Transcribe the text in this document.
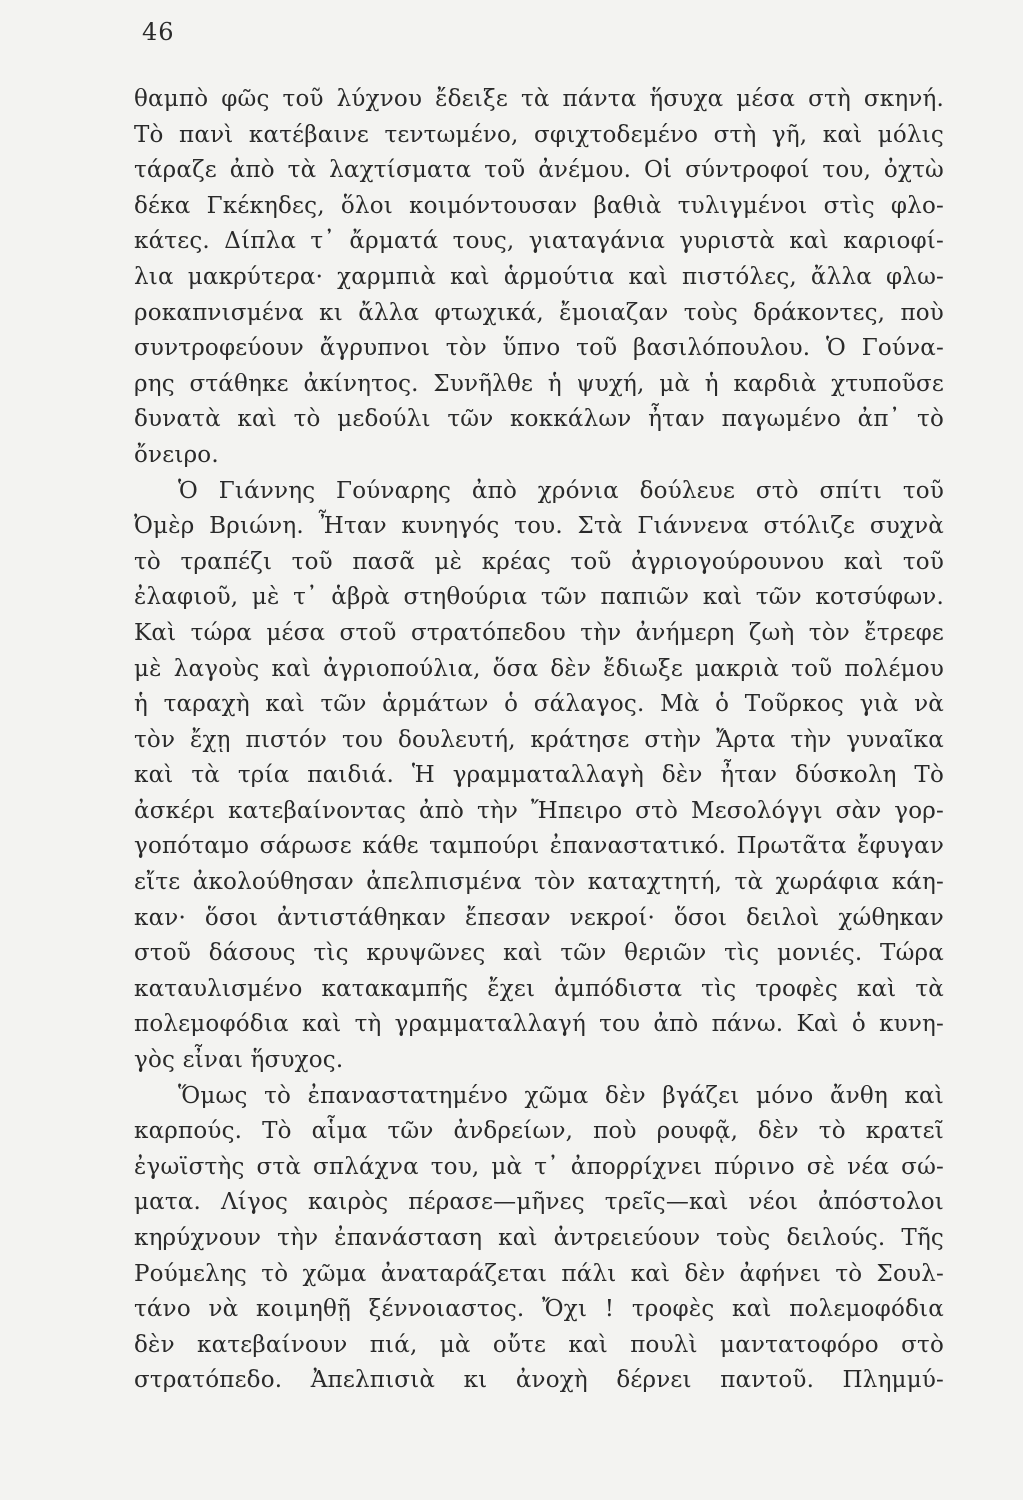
46
θαμπὸ φῶς τοῦ λύχνου ἔδειξε τὰ πάντα ἥσυχα μέσα στὴ σκηνή.
Τὸ πανὶ κατέβαινε τεντωμένο, σφιχτοδεμένο στὴ γῆ, καὶ μόλις
τάραζε ἀπὸ τὰ λαχτίσματα τοῦ ἀνέμου. Οἱ σύντροφοί του, ὀχτὼ
δέκα Γκέκηδες, ὅλοι κοιμόντουσαν βαθιὰ τυλιγμένοι στὶς φλο-
κάτες. Δίπλα τ᾿ ἄρματά τους, γιαταγάνια γυριστὰ καὶ καριοφί-
λια μακρύτερα· χαρμπιὰ καὶ ἁρμούτια καὶ πιστόλες, ἄλλα φλω-
ροκαπνισμένα κι ἄλλα φτωχικά, ἔμοιαζαν τοὺς δράκοντες, ποὺ
συντροφεύουν ἄγρυπνοι τὸν ὕπνο τοῦ βασιλόπουλου. Ὁ Γούνα-
ρης στάθηκε ἀκίνητος. Συνῆλθε ἡ ψυχή, μὰ ἡ καρδιὰ χτυποῦσε
δυνατὰ καὶ τὸ μεδούλι τῶν κοκκάλων ἦταν παγωμένο ἀπ᾿ τὸ
ὄνειρο.
Ὁ Γιάννης Γούναρης ἀπὸ χρόνια δούλευε στὸ σπίτι τοῦ
Ὀμὲρ Βριώνη. Ἦταν κυνηγός του. Στὰ Γιάννενα στόλιζε συχνὰ
τὸ τραπέζι τοῦ πασᾶ μὲ κρέας τοῦ ἀγριογούρουνου καὶ τοῦ
ἐλαφιοῦ, μὲ τ᾿ ἁβρὰ στηθούρια τῶν παπιῶν καὶ τῶν κοτσύφων.
Καὶ τώρα μέσα στοῦ στρατόπεδου τὴν ἀνήμερη ζωὴ τὸν ἔτρεφε
μὲ λαγοὺς καὶ ἀγριοπούλια, ὅσα δὲν ἔδιωξε μακριὰ τοῦ πολέμου
ἡ ταραχὴ καὶ τῶν ἁρμάτων ὁ σάλαγος. Μὰ ὁ Τοῦρκος γιὰ νὰ
τὸν ἔχῃ πιστόν του δουλευτή, κράτησε στὴν Ἄρτα τὴν γυναῖκα
καὶ τὰ τρία παιδιά. Ἡ γραμματαλλαγὴ δὲν ἦταν δύσκολη Τὸ
ἀσκέρι κατεβαίνοντας ἀπὸ τὴν Ἤπειρο στὸ Μεσολόγγι σὰν γορ-
γοπόταμο σάρωσε κάθε ταμπούρι ἐπαναστατικό. Πρωτᾶτα ἔφυγαν
εἴτε ἀκολούθησαν ἀπελπισμένα τὸν καταχτητή, τὰ χωράφια κάη-
καν· ὅσοι ἀντιστάθηκαν ἔπεσαν νεκροί· ὅσοι δειλοὶ χώθηκαν
στοῦ δάσους τὶς κρυψῶνες καὶ τῶν θεριῶν τὶς μονιές. Τώρα
καταυλισμένο κατακαμπῆς ἔχει ἀμπόδιστα τὶς τροφὲς καὶ τὰ
πολεμοφόδια καὶ τὴ γραμματαλλαγή του ἀπὸ πάνω. Καὶ ὁ κυνη-
γὸς εἶναι ἥσυχος.
Ὅμως τὸ ἐπαναστατημένο χῶμα δὲν βγάζει μόνο ἄνθη καὶ
καρπούς. Τὸ αἷμα τῶν ἀνδρείων, ποὺ ρουφᾷ, δὲν τὸ κρατεῖ
ἐγωϊστὴς στὰ σπλάχνα του, μὰ τ᾿ ἀπορρίχνει πύρινο σὲ νέα σώ-
ματα. Λίγος καιρὸς πέρασε—μῆνες τρεῖς—καὶ νέοι ἀπόστολοι
κηρύχνουν τὴν ἐπανάσταση καὶ ἀντρειεύουν τοὺς δειλούς. Τῆς
Ρούμελης τὸ χῶμα ἀναταράζεται πάλι καὶ δὲν ἀφήνει τὸ Σουλ-
τάνο νὰ κοιμηθῇ ξέννοιαστος. Ὄχι ! τροφὲς καὶ πολεμοφόδια
δὲν κατεβαίνουν πιά, μὰ οὔτε καὶ πουλὶ μαντατοφόρο στὸ
στρατόπεδο. Ἀπελπισιὰ κι ἀνοχὴ δέρνει παντοῦ. Πλημμύ-
